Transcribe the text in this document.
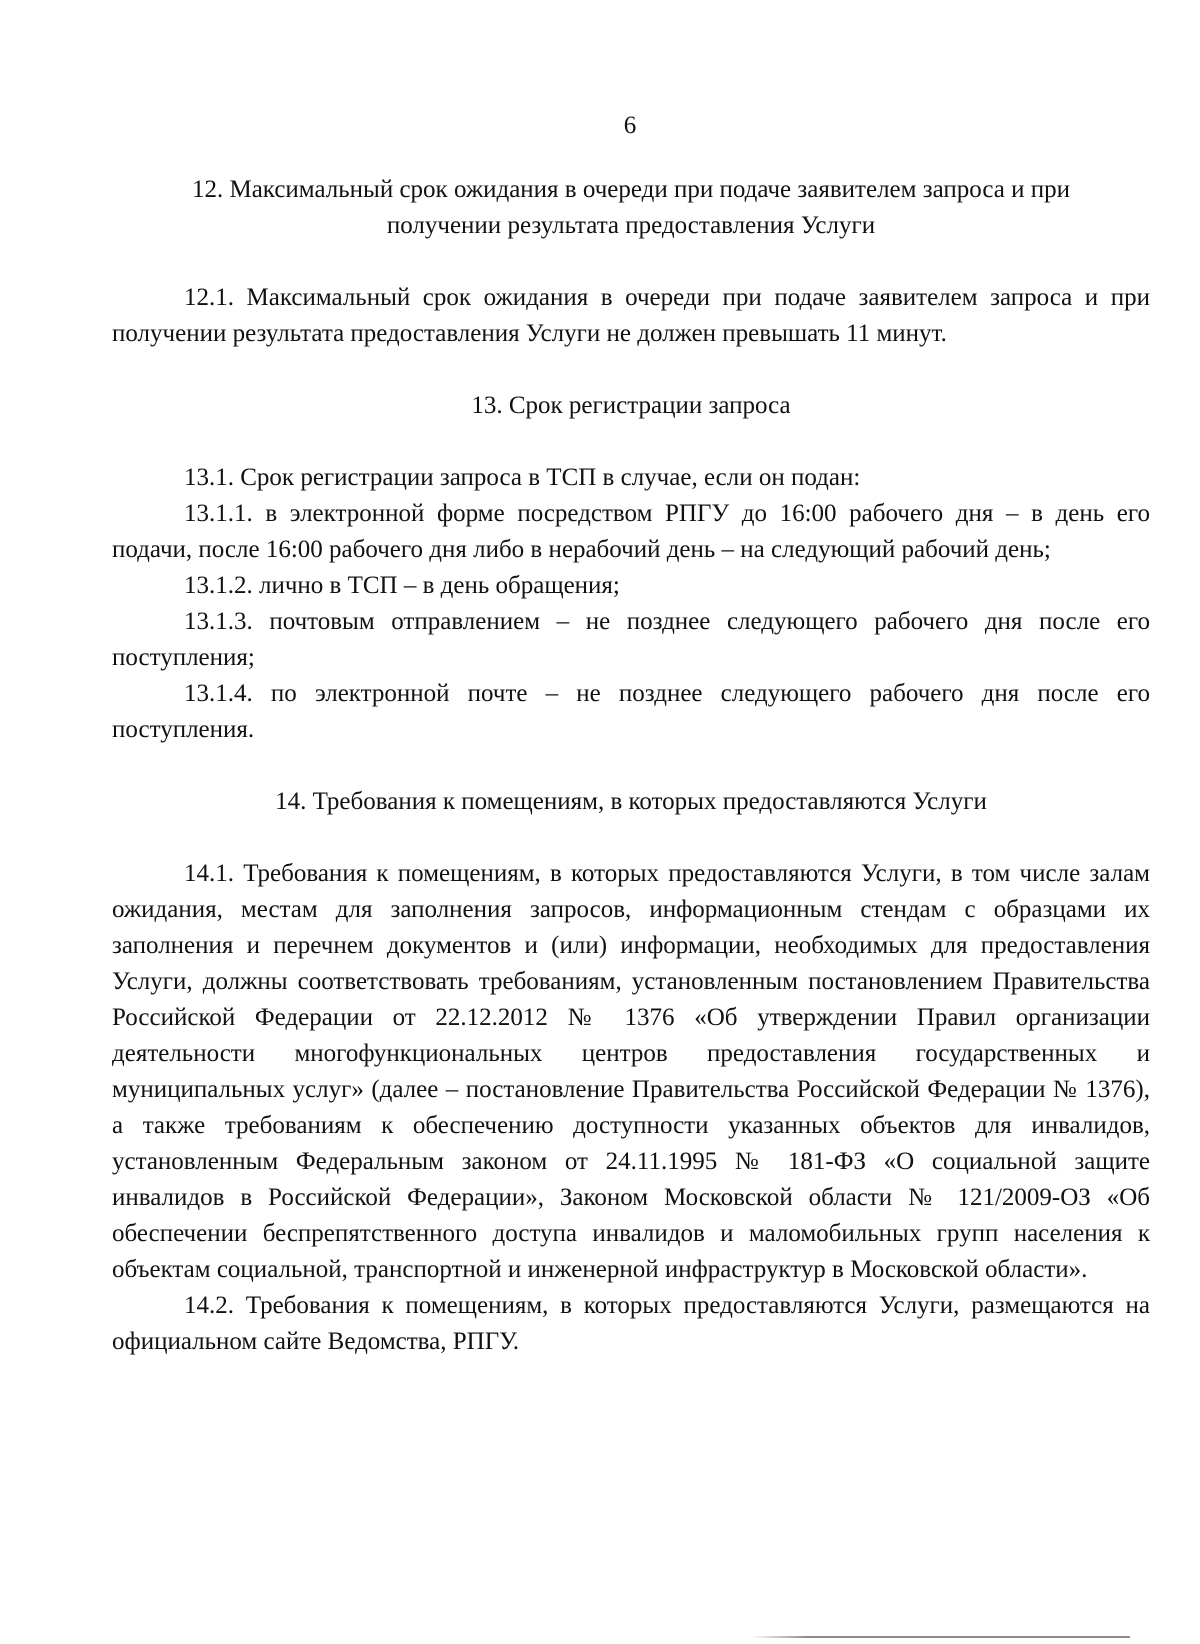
6
12. Максимальный срок ожидания в очереди при подаче заявителем запроса и при
получении результата предоставления Услуги

12.1. Максимальный срок ожидания в очереди при подаче заявителем запроса и при получении результата предоставления Услуги не должен превышать 11 минут.

13. Срок регистрации запроса

13.1. Срок регистрации запроса в ТСП в случае, если он подан:

13.1.1. в электронной форме посредством РПГУ до 16:00 рабочего дня – в день его подачи, после 16:00 рабочего дня либо в нерабочий день – на следующий рабочий день;

13.1.2. лично в ТСП – в день обращения;

13.1.3. почтовым отправлением – не позднее следующего рабочего дня после его поступления;

13.1.4. по электронной почте – не позднее следующего рабочего дня после его поступления.

14. Требования к помещениям, в которых предоставляются Услуги

14.1. Требования к помещениям, в которых предоставляются Услуги, в том числе залам ожидания, местам для заполнения запросов, информационным стендам с образцами их заполнения и перечнем документов и (или) информации, необходимых для предоставления Услуги, должны соответствовать требованиям, установленным постановлением Правительства Российской Федерации от 22.12.2012 № 1376 «Об утверждении Правил организации деятельности многофункциональных центров предоставления государственных и муниципальных услуг» (далее – постановление Правительства Российской Федерации № 1376), а также требованиям к обеспечению доступности указанных объектов для инвалидов, установленным Федеральным законом от 24.11.1995 № 181-ФЗ «О социальной защите инвалидов в Российской Федерации», Законом Московской области № 121/2009-ОЗ «Об обеспечении беспрепятственного доступа инвалидов и маломобильных групп населения к объектам социальной, транспортной и инженерной инфраструктур в Московской области».

14.2. Требования к помещениям, в которых предоставляются Услуги, размещаются на официальном сайте Ведомства, РПГУ.
